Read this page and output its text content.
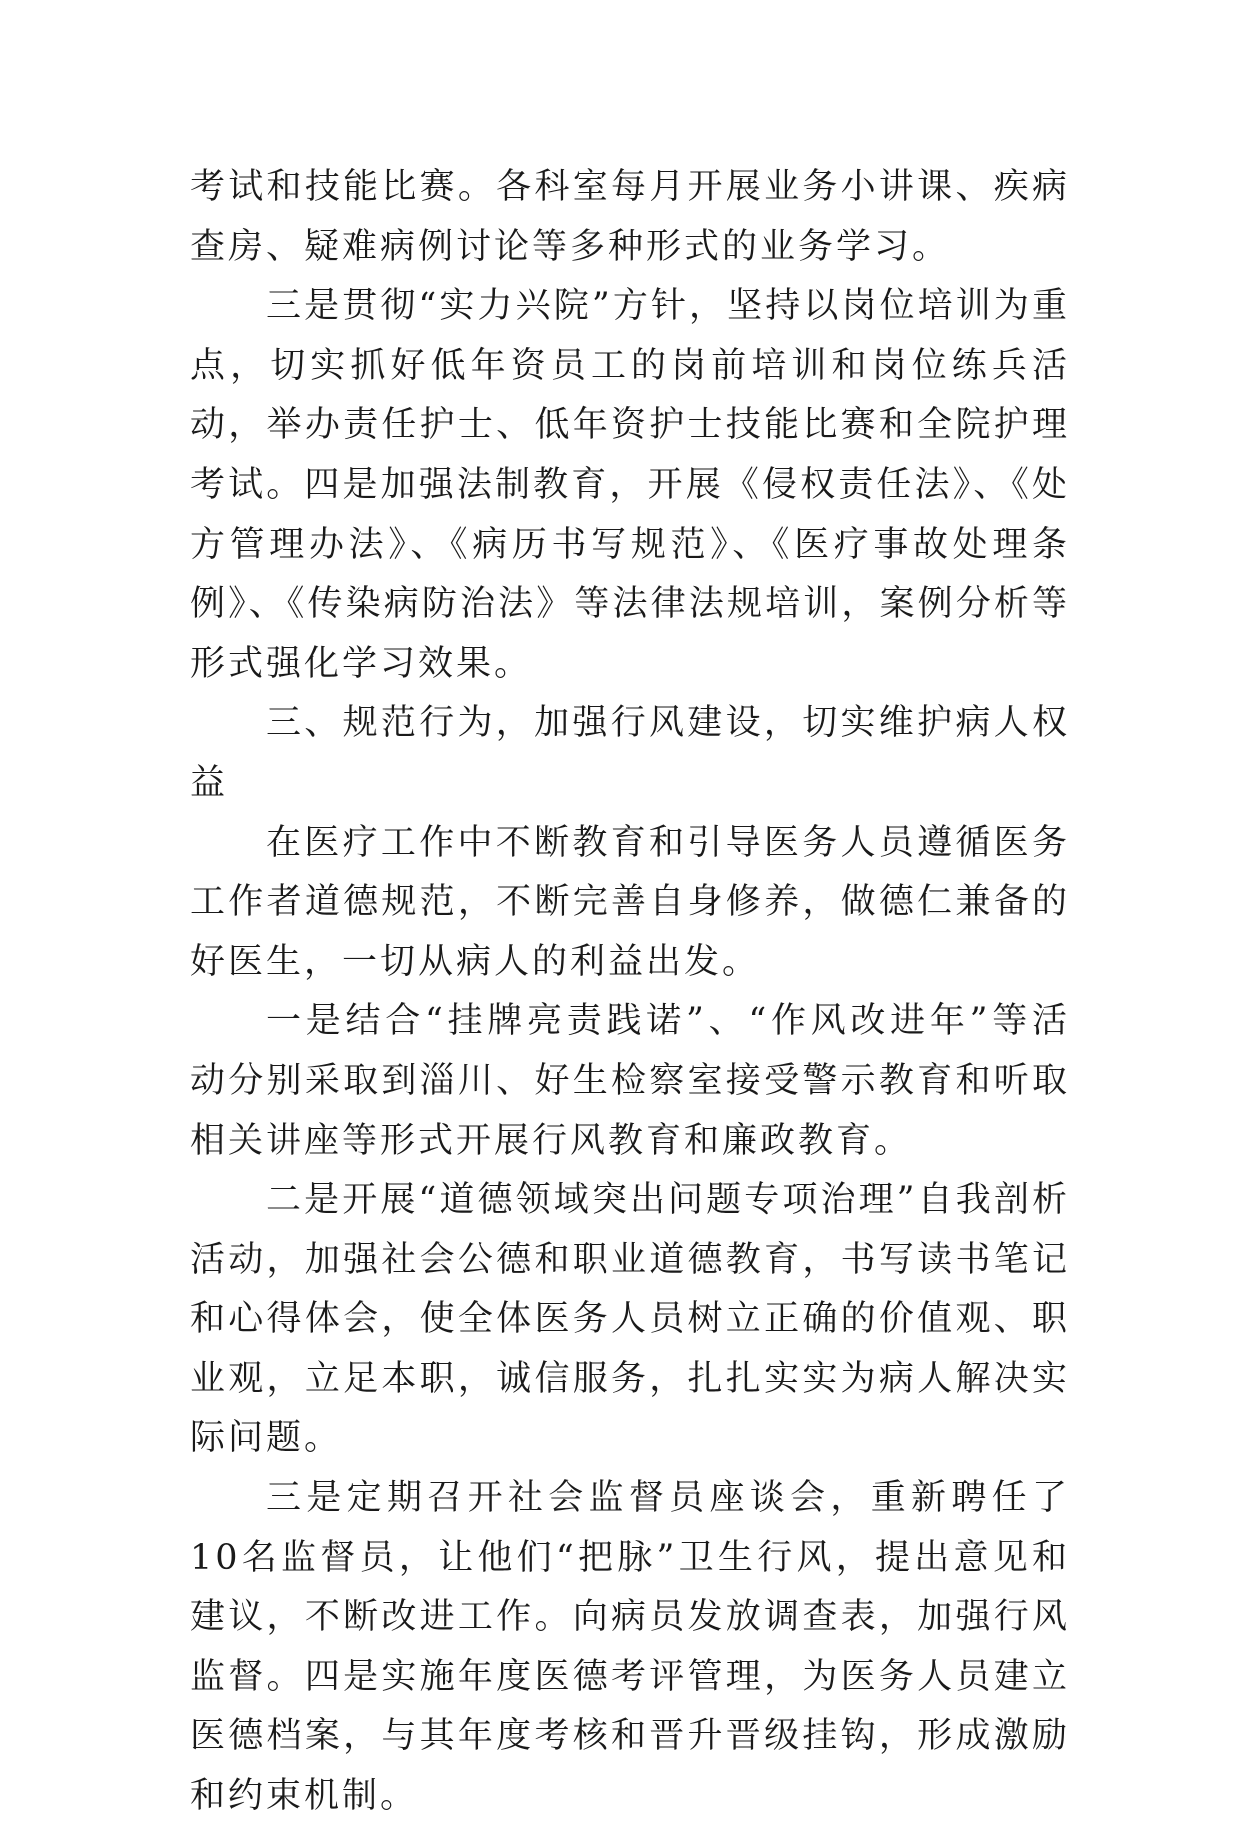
考试和技能比赛。各科室每月开展业务小讲课、疾病查房、疑难病例讨论等多种形式的业务学习。

三是贯彻“实力兴院”方针，坚持以岗位培训为重点，切实抓好低年资员工的岗前培训和岗位练兵活动，举办责任护士、低年资护士技能比赛和全院护理考试。四是加强法制教育，开展《侵权责任法》、《处方管理办法》、《病历书写规范》、《医疗事故处理条例》、《传染病防治法》等法律法规培训，案例分析等形式强化学习效果。

三、规范行为，加强行风建设，切实维护病人权益

在医疗工作中不断教育和引导医务人员遵循医务工作者道德规范，不断完善自身修养，做德仁兼备的好医生，一切从病人的利益出发。

一是结合“挂牌亮责践诺”、“作风改进年”等活动分别采取到淄川、好生检察室接受警示教育和听取相关讲座等形式开展行风教育和廉政教育。

二是开展“道德领域突出问题专项治理”自我剖析活动，加强社会公德和职业道德教育，书写读书笔记和心得体会，使全体医务人员树立正确的价值观、职业观，立足本职，诚信服务，扎扎实实为病人解决实际问题。

三是定期召开社会监督员座谈会，重新聘任了10名监督员，让他们“把脉”卫生行风，提出意见和建议，不断改进工作。向病员发放调查表，加强行风监督。四是实施年度医德考评管理，为医务人员建立医德档案，与其年度考核和晋升晋级挂钩，形成激励和约束机制。
